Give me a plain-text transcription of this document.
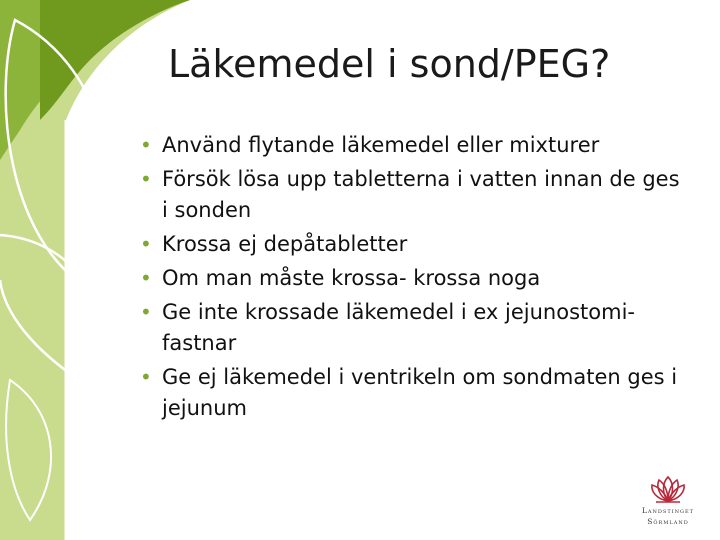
Läkemedel i sond/PEG?
• Använd flytande läkemedel eller mixturer
• Försök lösa upp tabletterna i vatten innan de ges i sonden
• Krossa ej depåtabletter
• Om man måste krossa- krossa noga
• Ge inte krossade läkemedel i ex jejunostomi- fastnar
• Ge ej läkemedel i ventrikeln om sondmaten ges i jejunum
Landstinget
Sörmland
